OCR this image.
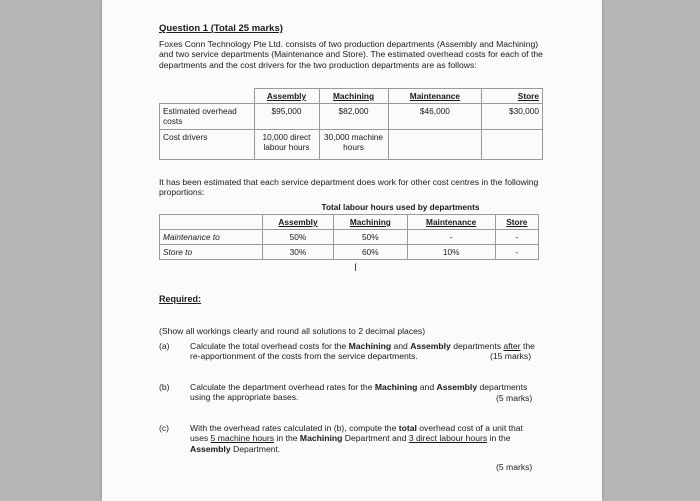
Question 1 (Total 25 marks)
Foxes Conn Technology Pte Ltd. consists of two production departments (Assembly and Machining) and two service departments (Maintenance and Store). The estimated overhead costs for each of the departments and the cost drivers for the two production departments are as follows:
	Assembly	Machining	Maintenance	Store
Estimated overhead costs	$95,000	$82,000	$46,000	$30,000
Cost drivers	10,000 direct labour hours	30,000 machine hours		
It has been estimated that each service department does work for other cost centres in the following proportions:
	Total labour hours used by departments			
	Assembly	Machining	Maintenance	Store
Maintenance to	50%	50%	-	-
Store to	30%	60%	10%	-
I
Required:
(Show all workings clearly and round all solutions to 2 decimal places)
(a) Calculate the total overhead costs for the Machining and Assembly departments after the re-apportionment of the costs from the service departments.	(15 marks)
(b) Calculate the department overhead rates for the Machining and Assembly departments using the appropriate bases.	(5 marks)
(c) With the overhead rates calculated in (b), compute the total overhead cost of a unit that uses 5 machine hours in the Machining Department and 3 direct labour hours in the Assembly Department.
(5 marks)
